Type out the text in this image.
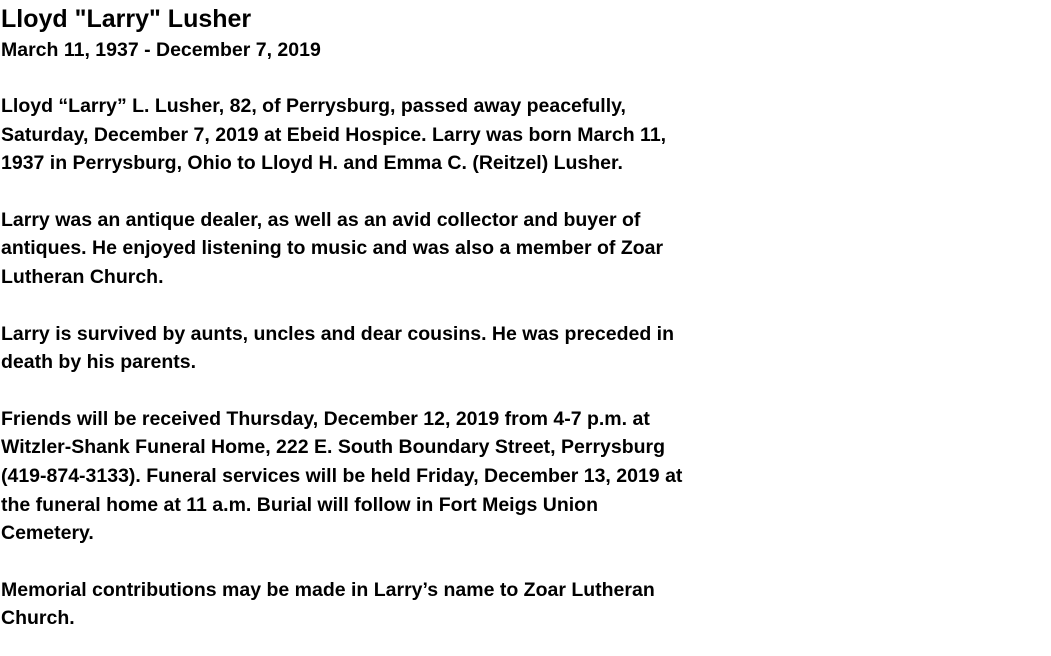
Lloyd "Larry" Lusher
March 11, 1937 - December 7, 2019

Lloyd “Larry” L. Lusher, 82, of Perrysburg, passed away peacefully,
Saturday, December 7, 2019 at Ebeid Hospice. Larry was born March 11,
1937 in Perrysburg, Ohio to Lloyd H. and Emma C. (Reitzel) Lusher.

Larry was an antique dealer, as well as an avid collector and buyer of
antiques. He enjoyed listening to music and was also a member of Zoar
Lutheran Church.

Larry is survived by aunts, uncles and dear cousins. He was preceded in
death by his parents.

Friends will be received Thursday, December 12, 2019 from 4-7 p.m. at
Witzler-Shank Funeral Home, 222 E. South Boundary Street, Perrysburg
(419-874-3133). Funeral services will be held Friday, December 13, 2019 at
the funeral home at 11 a.m. Burial will follow in Fort Meigs Union
Cemetery.

Memorial contributions may be made in Larry’s name to Zoar Lutheran
Church.
